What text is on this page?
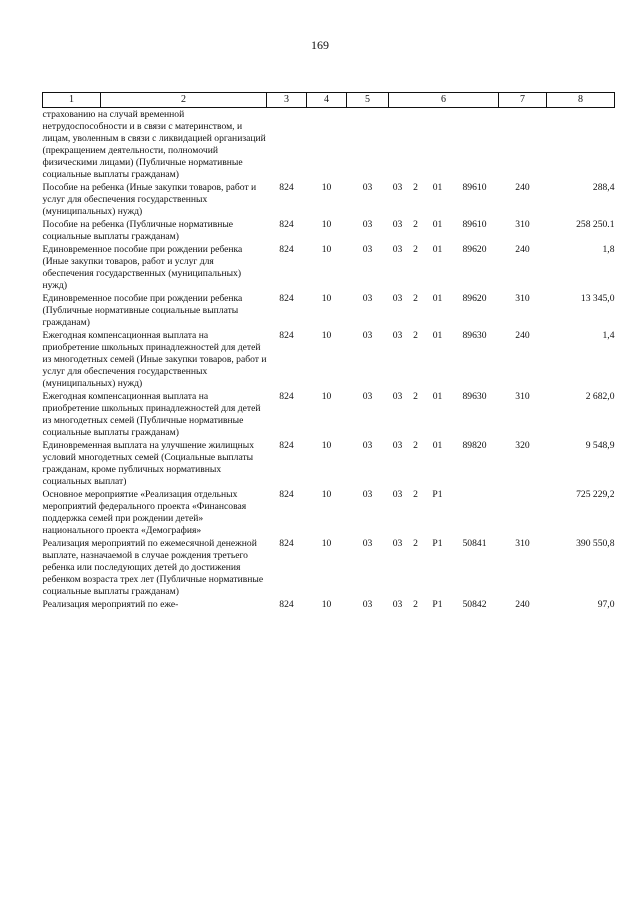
169
1	2	3	4	5	6				7	8
страхованию на случай временной нетрудоспособности и в связи с материнством, и лицам, уволенным в связи с ликвидацией организаций (прекращением деятельности, полномочий физическими лицами) (Публичные нормативные социальные выплаты гражданам)										
Пособие на ребенка (Иные закупки товаров, работ и услуг для обеспечения государственных (муниципальных) нужд)		824	10	03	03	2	01	89610	240	288,4
Пособие на ребенка (Публичные нормативные социальные выплаты гражданам)		824	10	03	03	2	01	89610	310	258 250.1
Единовременное пособие при рождении ребенка (Иные закупки товаров, работ и услуг для обеспечения государственных (муниципальных) нужд)		824	10	03	03	2	01	89620	240	1,8
Единовременное пособие при рождении ребенка (Публичные нормативные социальные выплаты гражданам)		824	10	03	03	2	01	89620	310	13 345,0
Ежегодная компенсационная выплата на приобретение школьных принадлежностей для детей из многодетных семей (Иные закупки товаров, работ и услуг для обеспечения государственных (муниципальных) нужд)		824	10	03	03	2	01	89630	240	1,4
Ежегодная компенсационная выплата на приобретение школьных принадлежностей для детей из многодетных семей (Публичные нормативные социальные выплаты гражданам)		824	10	03	03	2	01	89630	310	2 682,0
Единовременная выплата на улучшение жилищных условий многодетных семей (Социальные выплаты гражданам, кроме публичных нормативных социальных выплат)		824	10	03	03	2	01	89820	320	9 548,9
Основное мероприятие «Реализация отдельных мероприятий федерального проекта «Финансовая поддержка семей при рождении детей» национального проекта «Демография»		824	10	03	03	2	P1			725 229,2
Реализация мероприятий по ежемесячной денежной выплате, назначаемой в случае рождения третьего ребенка или последующих детей до достижения ребенком возраста трех лет (Публичные нормативные социальные выплаты гражданам)		824	10	03	03	2	P1	50841	310	390 550,8
Реализация мероприятий по еже-		824	10	03	03	2	P1	50842	240	97,0
